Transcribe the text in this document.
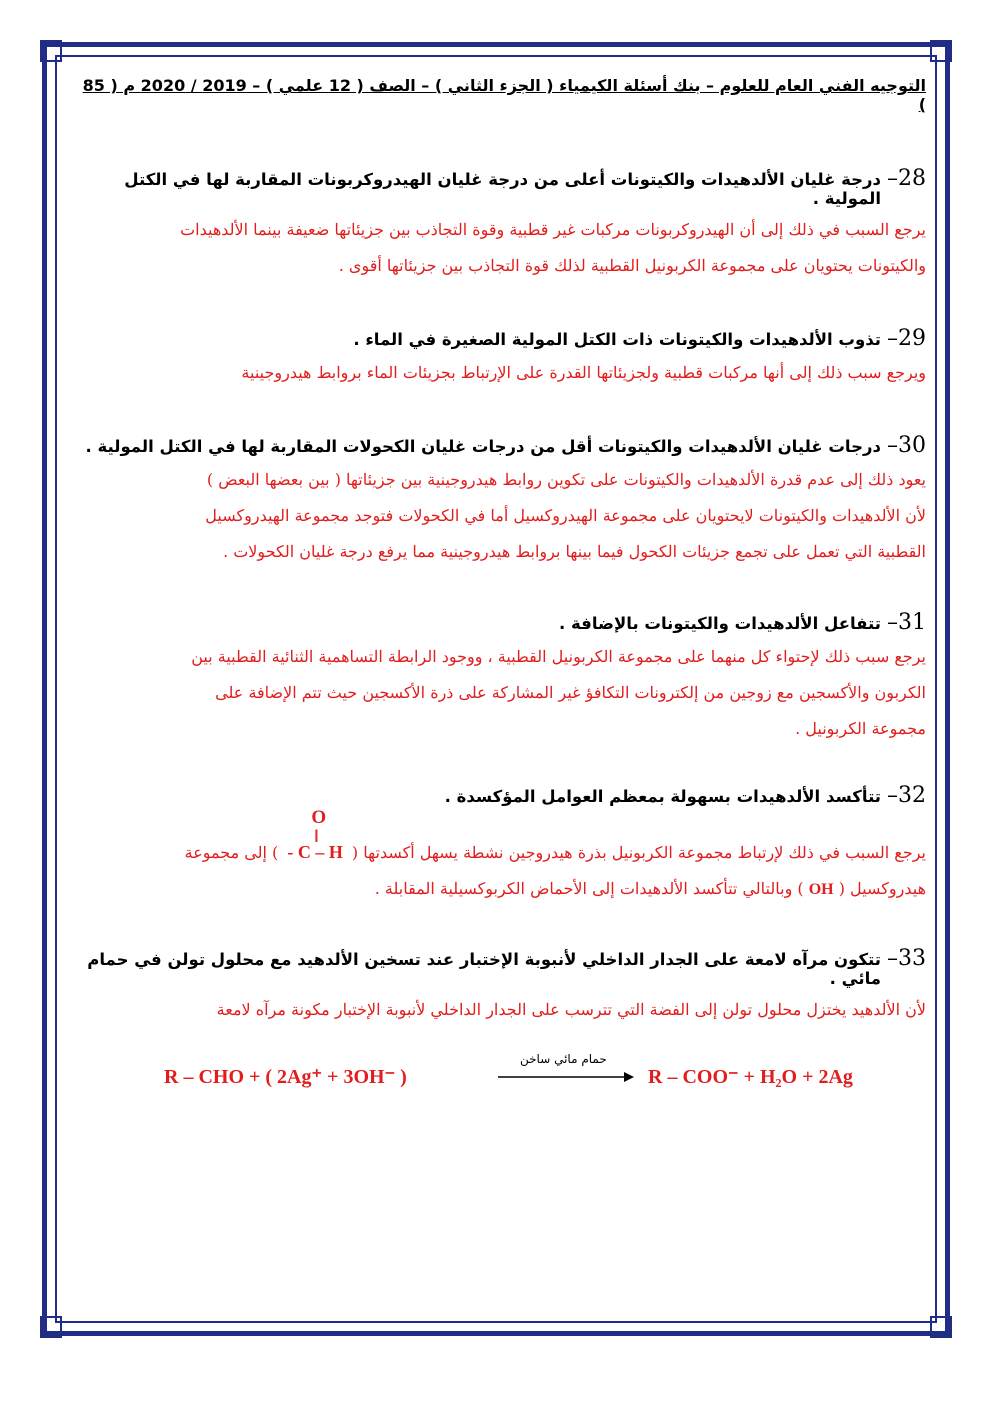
التوجيه الفني العام للعلوم – بنك أسئلة الكيمياء ( الجزء الثاني ) – الصف ( 12 علمي ) – 2019 / 2020 م ( 85 )
28–
درجة غليان الألدهيدات والكيتونات أعلى من درجة غليان الهيدروكربونات المقاربة لها في الكتل المولية .
يرجع السبب في ذلك إلى أن الهيدروكربونات مركبات غير قطبية وقوة التجاذب بين جزيئاتها ضعيفة بينما الألدهيدات
والكيتونات يحتويان على مجموعة الكربونيل القطبية لذلك قوة التجاذب بين جزيئاتها أقوى .
29–
تذوب الألدهيدات والكيتونات ذات الكتل المولية الصغيرة في الماء .
ويرجع سبب ذلك إلى أنها مركبات قطبية ولجزيئاتها القدرة على الإرتباط بجزيئات الماء بروابط هيدروجينية
30–
درجات غليان الألدهيدات والكيتونات أقل من درجات غليان الكحولات المقاربة لها في الكتل المولية .
يعود ذلك إلى عدم قدرة الألدهيدات والكيتونات على تكوين روابط هيدروجينية بين جزيئاتها ( بين بعضها البعض )
لأن الألدهيدات والكيتونات لايحتويان على مجموعة الهيدروكسيل أما في الكحولات فتوجد مجموعة الهيدروكسيل
القطبية التي تعمل على تجمع جزيئات الكحول فيما بينها بروابط هيدروجينية مما يرفع درجة غليان الكحولات .
31–
تتفاعل الألدهيدات والكيتونات بالإضافة .
يرجع سبب ذلك لإحتواء كل منهما على مجموعة الكربونيل القطبية ، ووجود الرابطة التساهمية الثنائية القطبية بين
الكربون والأكسجين مع زوجين من إلكترونات التكافؤ غير المشاركة على ذرة الأكسجين حيث تتم الإضافة على
مجموعة الكربونيل .
32–
تتأكسد الألدهيدات بسهولة بمعظم العوامل المؤكسدة .
يرجع السبب في ذلك لإرتباط مجموعة الكربونيل بذرة هيدروجين نشطة يسهل أكسدتها (
O
||
- C – H ) إلى مجموعة
هيدروكسيل ( OH ) وبالتالي تتأكسد الألدهيدات إلى الأحماض الكربوكسيلية المقابلة .
33–
تتكون مرآه لامعة على الجدار الداخلي لأنبوبة الإختبار عند تسخين الألدهيد مع محلول تولن في حمام مائي .
لأن الألدهيد يختزل محلول تولن إلى الفضة التي تترسب على الجدار الداخلي لأنبوبة الإختبار مكونة مرآه لامعة
R – CHO + ( 2Ag⁺ + 3OH⁻ )
حمام مائي ساخن
R – COO⁻ + H₂O + 2Ag
